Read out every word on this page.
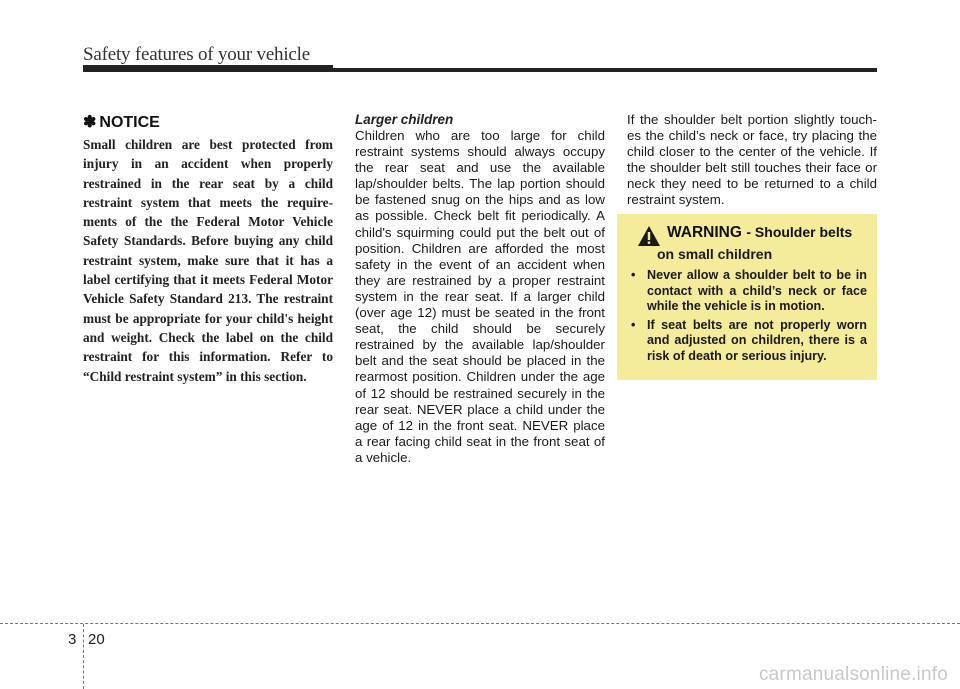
Safety features of your vehicle
✽ NOTICE

Small children are best protected from injury in an accident when properly restrained in the rear seat by a child restraint system that meets the require-ments of the the Federal Motor Vehicle Safety Standards. Before buying any child restraint system, make sure that it has a label certifying that it meets Federal Motor Vehicle Safety Standard 213. The restraint must be appropriate for your child's height and weight. Check the label on the child restraint for this information. Refer to “Child restraint system” in this section.

Larger children

Children who are too large for child restraint systems should always occupy the rear seat and use the available lap/shoulder belts. The lap portion should be fastened snug on the hips and as low as possible. Check belt fit periodically. A child's squirming could put the belt out of position. Children are afforded the most safety in the event of an accident when they are restrained by a proper restraint system in the rear seat. If a larger child (over age 12) must be seated in the front seat, the child should be securely restrained by the available lap/shoulder belt and the seat should be placed in the rearmost position. Children under the age of 12 should be restrained securely in the rear seat. NEVER place a child under the age of 12 in the front seat. NEVER place a rear facing child seat in the front seat of a vehicle.

If the shoulder belt portion slightly touch-es the child’s neck or face, try placing the child closer to the center of the vehicle. If the shoulder belt still touches their face or neck they need to be returned to a child restraint system.

WARNING - Shoulder belts
on small children
• Never allow a shoulder belt to be in contact with a child’s neck or face while the vehicle is in motion.
• If seat belts are not properly worn and adjusted on children, there is a risk of death or serious injury.
3 20
carmanualsonline.info
